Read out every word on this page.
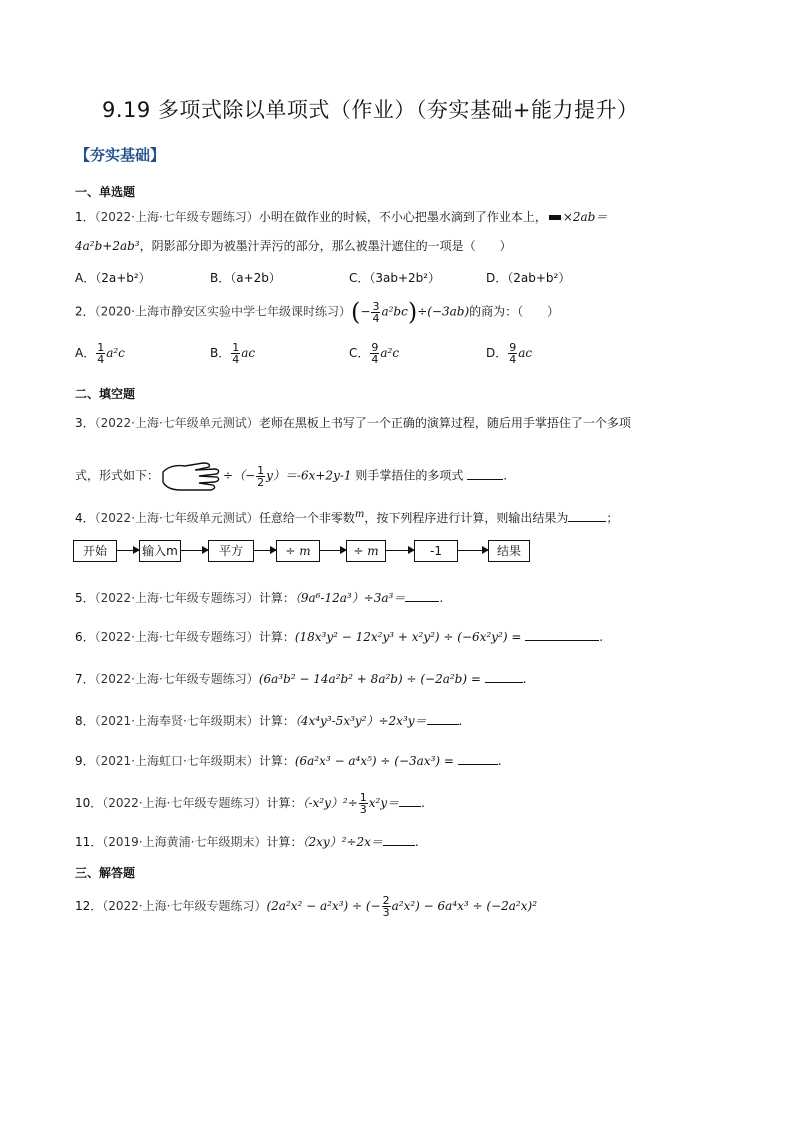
9.19 多项式除以单项式（作业）（夯实基础+能力提升）
【夯实基础】
一、单选题
1．（2022·上海·七年级专题练习）小明在做作业的时候，不小心把墨水滴到了作业本上， ×2ab＝
4a²b+2ab³，阴影部分即为被墨汁弄污的部分，那么被墨汁遮住的一项是（　　）
A．（2a+b²）	B．（a+2b）	C．（3ab+2b²）	D．（2ab+b²）
2．（2020·上海市静安区实验中学七年级课时练习）(− $\frac{3}{4} a^2bc)\div(-3ab)$的商为：（　　）
A． $\frac{1}{4} a^2c$	B． $\frac{1}{4}$ ac	C． $\frac{9}{4} a^2c$	D． $\frac{9}{4}$ ac
二、填空题
3．（2022·上海·七年级单元测试）老师在黑板上书写了一个正确的演算过程，随后用手掌捂住了一个多项
式，形式如下：	÷（− $\frac{1}{2} y)=-6x+2y-1$ 则手掌捂住的多项式	.
4．（2022·上海·七年级单元测试）任意给一个非零数$^m$，按下列程序进行计算，则输出结果为	；
开始	输入m	平方	÷ m	÷ m	-1	结果
5．（2022·上海·七年级专题练习）计算：（9a⁶-12a³）÷3a³＝	.
6．（2022·上海·七年级专题练习）计算：(18x³y² − 12x²y³ + x²y²) ÷ (−6x²y²) =	.
7．（2022·上海·七年级专题练习）(6a³b² − 14a²b² + 8a²b) ÷ (−2a²b) =	.
8．（2021·上海奉贤·七年级期末）计算：（4x⁴y³-5x³y²）÷2x³y＝	.
9．（2021·上海虹口·七年级期末）计算：(6a²x³ − a⁴x⁵) ÷ (−3ax³) =	.
10．（2022·上海·七年级专题练习）计算：$(-x^2y)^2\div \frac{1}{3} x^2y=$ .
11．（2019·上海黄浦·七年级期末）计算：（2xy）²÷2x＝	.
三、解答题
12．（2022·上海·七年级专题练习）(2a²x² − a²x³) ÷ (− $\frac{2}{3} a^2x^2) - 6a^4x^3 \div (-2a^2x)^2$
